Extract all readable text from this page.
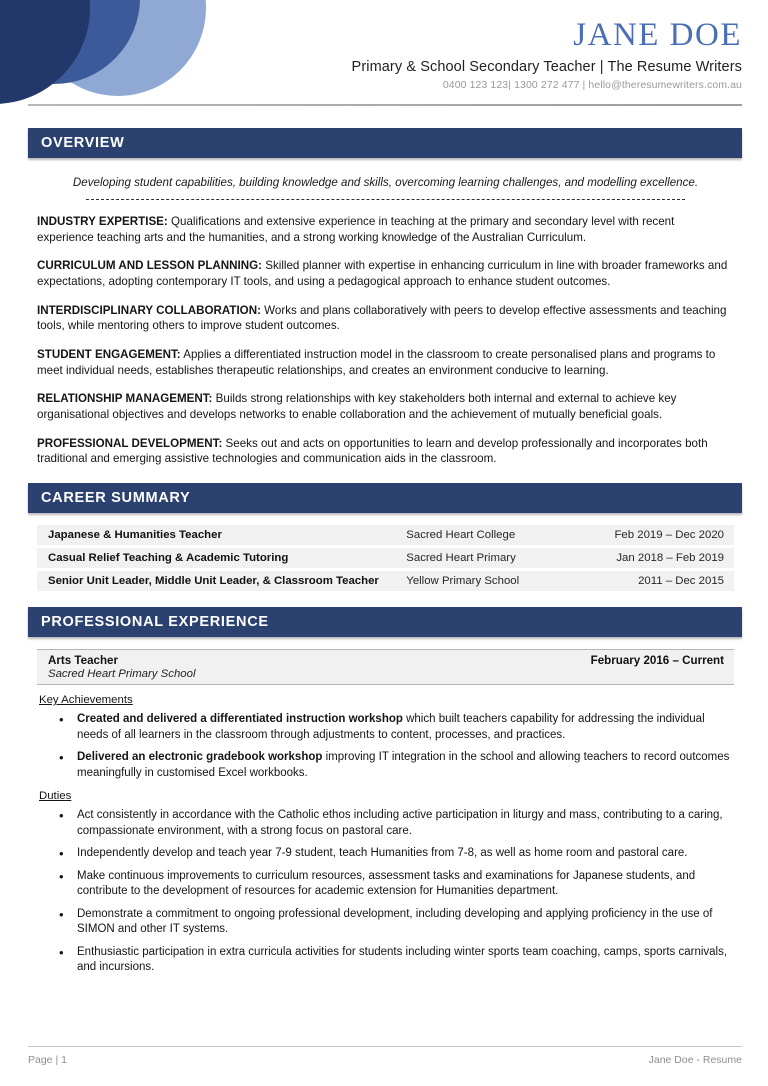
JANE DOE
Primary & School Secondary Teacher | The Resume Writers
0400 123 123| 1300 272 477 | hello@theresumewriters.com.au
OVERVIEW
Developing student capabilities, building knowledge and skills, overcoming learning challenges, and modelling excellence.
INDUSTRY EXPERTISE: Qualifications and extensive experience in teaching at the primary and secondary level with recent experience teaching arts and the humanities, and a strong working knowledge of the Australian Curriculum.
CURRICULUM AND LESSON PLANNING: Skilled planner with expertise in enhancing curriculum in line with broader frameworks and expectations, adopting contemporary IT tools, and using a pedagogical approach to enhance student outcomes.
INTERDISCIPLINARY COLLABORATION: Works and plans collaboratively with peers to develop effective assessments and teaching tools, while mentoring others to improve student outcomes.
STUDENT ENGAGEMENT: Applies a differentiated instruction model in the classroom to create personalised plans and programs to meet individual needs, establishes therapeutic relationships, and creates an environment conducive to learning.
RELATIONSHIP MANAGEMENT: Builds strong relationships with key stakeholders both internal and external to achieve key organisational objectives and develops networks to enable collaboration and the achievement of mutually beneficial goals.
PROFESSIONAL DEVELOPMENT: Seeks out and acts on opportunities to learn and develop professionally and incorporates both traditional and emerging assistive technologies and communication aids in the classroom.
CAREER SUMMARY
Japanese & Humanities Teacher	Sacred Heart College	Feb 2019 – Dec 2020
Casual Relief Teaching & Academic Tutoring	Sacred Heart Primary	Jan 2018 – Feb 2019
Senior Unit Leader, Middle Unit Leader, & Classroom Teacher	Yellow Primary School	2011 – Dec 2015
PROFESSIONAL EXPERIENCE
Arts Teacher	February 2016 – Current
Sacred Heart Primary School
Key Achievements
• Created and delivered a differentiated instruction workshop which built teachers capability for addressing the individual needs of all learners in the classroom through adjustments to content, processes, and practices.
• Delivered an electronic gradebook workshop improving IT integration in the school and allowing teachers to record outcomes meaningfully in customised Excel workbooks.
Duties
• Act consistently in accordance with the Catholic ethos including active participation in liturgy and mass, contributing to a caring, compassionate environment, with a strong focus on pastoral care.
• Independently develop and teach year 7-9 student, teach Humanities from 7-8, as well as home room and pastoral care.
• Make continuous improvements to curriculum resources, assessment tasks and examinations for Japanese students, and contribute to the development of resources for academic extension for Humanities department.
• Demonstrate a commitment to ongoing professional development, including developing and applying proficiency in the use of SIMON and other IT systems.
• Enthusiastic participation in extra curricula activities for students including winter sports team coaching, camps, sports carnivals, and incursions.
Page | 1	Jane Doe - Resume
